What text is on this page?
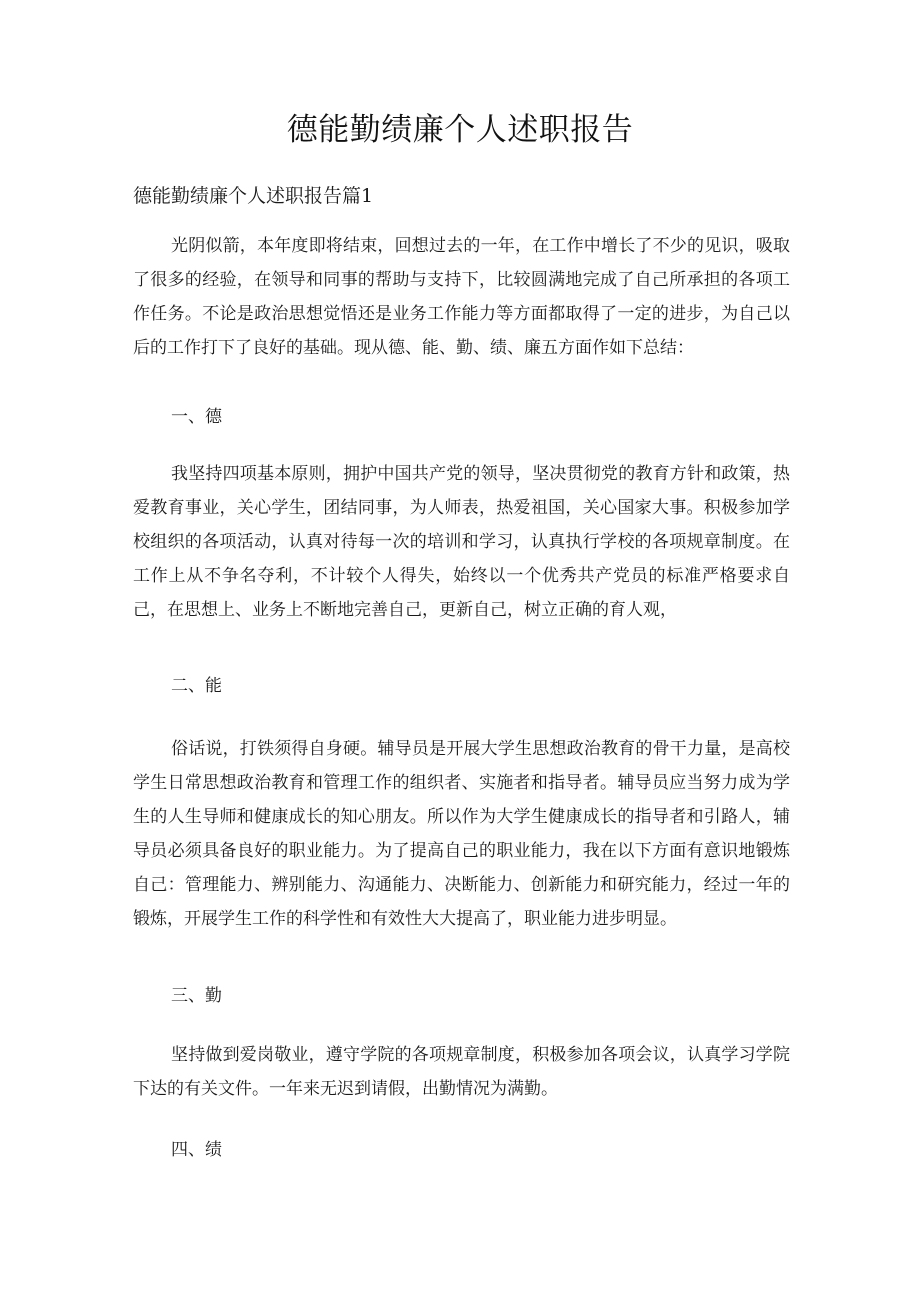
德能勤绩廉个人述职报告
德能勤绩廉个人述职报告篇1

光阴似箭，本年度即将结束，回想过去的一年，在工作中增长了不少的见识，吸取了很多的经验，在领导和同事的帮助与支持下，比较圆满地完成了自己所承担的各项工作任务。不论是政治思想觉悟还是业务工作能力等方面都取得了一定的进步，为自己以后的工作打下了良好的基础。现从德、能、勤、绩、廉五方面作如下总结：

一、德

我坚持四项基本原则，拥护中国共产党的领导，坚决贯彻党的教育方针和政策，热爱教育事业，关心学生，团结同事，为人师表，热爱祖国，关心国家大事。积极参加学校组织的各项活动，认真对待每一次的培训和学习，认真执行学校的各项规章制度。在工作上从不争名夺利，不计较个人得失，始终以一个优秀共产党员的标准严格要求自己，在思想上、业务上不断地完善自己，更新自己，树立正确的育人观，

二、能

俗话说，打铁须得自身硬。辅导员是开展大学生思想政治教育的骨干力量，是高校学生日常思想政治教育和管理工作的组织者、实施者和指导者。辅导员应当努力成为学生的人生导师和健康成长的知心朋友。所以作为大学生健康成长的指导者和引路人，辅导员必须具备良好的职业能力。为了提高自己的职业能力，我在以下方面有意识地锻炼自己：管理能力、辨别能力、沟通能力、决断能力、创新能力和研究能力，经过一年的锻炼，开展学生工作的科学性和有效性大大提高了，职业能力进步明显。

三、勤

坚持做到爱岗敬业，遵守学院的各项规章制度，积极参加各项会议，认真学习学院下达的有关文件。一年来无迟到请假，出勤情况为满勤。

四、绩
